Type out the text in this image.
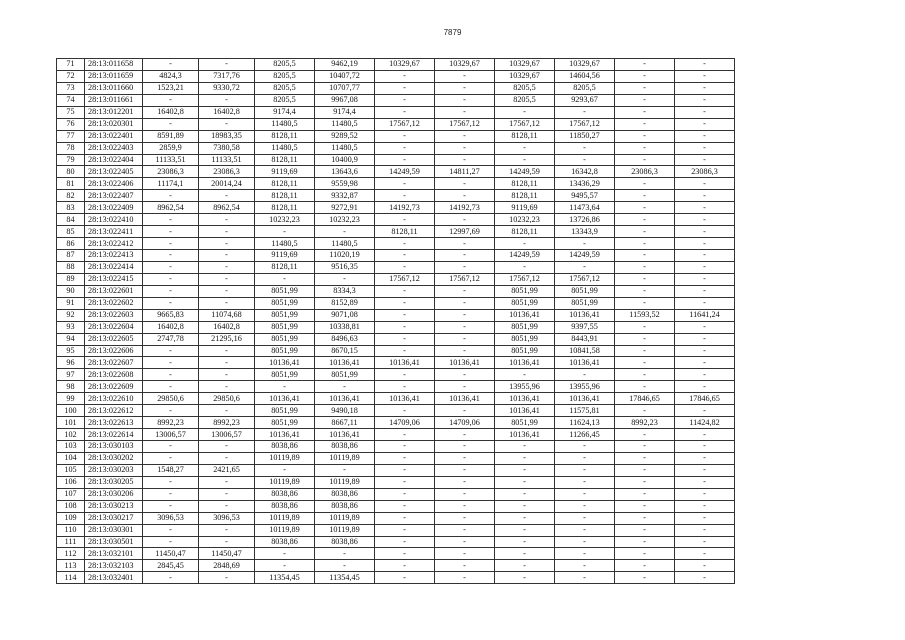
7879
71	28:13:011658	-	-	8205,5	9462,19	10329,67	10329,67	10329,67	10329,67	-	-
72	28:13:011659	4824,3	7317,76	8205,5	10407,72	-	-	10329,67	14604,56	-	-
73	28:13:011660	1523,21	9330,72	8205,5	10707,77	-	-	8205,5	8205,5	-	-
74	28:13:011661	-	-	8205,5	9967,08	-	-	8205,5	9293,67	-	-
75	28:13:012201	16402,8	16402,8	9174,4	9174,4	-	-	-	-	-	-
76	28:13:020301	-	-	11480,5	11480,5	17567,12	17567,12	17567,12	17567,12	-	-
77	28:13:022401	8591,89	18983,35	8128,11	9289,52	-	-	8128,11	11850,27	-	-
78	28:13:022403	2859,9	7380,58	11480,5	11480,5	-	-	-	-	-	-
79	28:13:022404	11133,51	11133,51	8128,11	10400,9	-	-	-	-	-	-
80	28:13:022405	23086,3	23086,3	9119,69	13643,6	14249,59	14811,27	14249,59	16342,8	23086,3	23086,3
81	28:13:022406	11174,1	20014,24	8128,11	9559,98	-	-	8128,11	13436,29	-	-
82	28:13:022407	-	-	8128,11	9332,87	-	-	8128,11	9495,57	-	-
83	28:13:022409	8962,54	8962,54	8128,11	9272,91	14192,73	14192,73	9119,69	11473,64	-	-
84	28:13:022410	-	-	10232,23	10232,23	-	-	10232,23	13726,86	-	-
85	28:13:022411	-	-	-	-	8128,11	12997,69	8128,11	13343,9	-	-
86	28:13:022412	-	-	11480,5	11480,5	-	-	-	-	-	-
87	28:13:022413	-	-	9119,69	11020,19	-	-	14249,59	14249,59	-	-
88	28:13:022414	-	-	8128,11	9516,35	-	-	-	-	-	-
89	28:13:022415	-	-	-	-	17567,12	17567,12	17567,12	17567,12	-	-
90	28:13:022601	-	-	8051,99	8334,3	-	-	8051,99	8051,99	-	-
91	28:13:022602	-	-	8051,99	8152,89	-	-	8051,99	8051,99	-	-
92	28:13:022603	9665,83	11074,68	8051,99	9071,08	-	-	10136,41	10136,41	11593,52	11641,24
93	28:13:022604	16402,8	16402,8	8051,99	10338,81	-	-	8051,99	9397,55	-	-
94	28:13:022605	2747,78	21295,16	8051,99	8496,63	-	-	8051,99	8443,91	-	-
95	28:13:022606	-	-	8051,99	8670,15	-	-	8051,99	10841,58	-	-
96	28:13:022607	-	-	10136,41	10136,41	10136,41	10136,41	10136,41	10136,41	-	-
97	28:13:022608	-	-	8051,99	8051,99	-	-	-	-	-	-
98	28:13:022609	-	-	-	-	-	-	13955,96	13955,96	-	-
99	28:13:022610	29850,6	29850,6	10136,41	10136,41	10136,41	10136,41	10136,41	10136,41	17846,65	17846,65
100	28:13:022612	-	-	8051,99	9490,18	-	-	10136,41	11575,81	-	-
101	28:13:022613	8992,23	8992,23	8051,99	8667,11	14709,06	14709,06	8051,99	11624,13	8992,23	11424,82
102	28:13:022614	13006,57	13006,57	10136,41	10136,41	-	-	10136,41	11266,45	-	-
103	28:13:030103	-	-	8038,86	8038,86	-	-	-	-	-	-
104	28:13:030202	-	-	10119,89	10119,89	-	-	-	-	-	-
105	28:13:030203	1548,27	2421,65	-	-	-	-	-	-	-	-
106	28:13:030205	-	-	10119,89	10119,89	-	-	-	-	-	-
107	28:13:030206	-	-	8038,86	8038,86	-	-	-	-	-	-
108	28:13:030213	-	-	8038,86	8038,86	-	-	-	-	-	-
109	28:13:030217	3096,53	3096,53	10119,89	10119,89	-	-	-	-	-	-
110	28:13:030301	-	-	10119,89	10119,89	-	-	-	-	-	-
111	28:13:030501	-	-	8038,86	8038,86	-	-	-	-	-	-
112	28:13:032101	11450,47	11450,47	-	-	-	-	-	-	-	-
113	28:13:032103	2845,45	2848,69	-	-	-	-	-	-	-	-
114	28:13:032401	-	-	11354,45	11354,45	-	-	-	-	-	-
